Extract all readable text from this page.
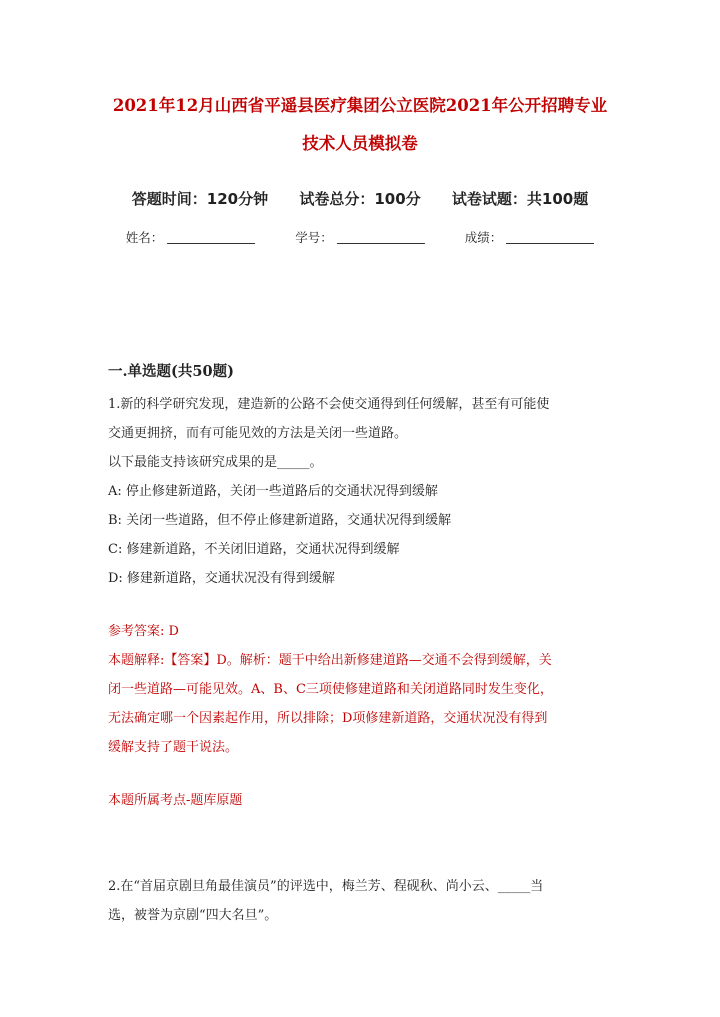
2021年12月山西省平遥县医疗集团公立医院2021年公开招聘专业
技术人员模拟卷
答题时间：120分钟 试卷总分：100分 试卷试题：共100题
姓名：	学号：	成绩：
一.单选题(共50题)
1.新的科学研究发现，建造新的公路不会使交通得到任何缓解，甚至有可能使
交通更拥挤，而有可能见效的方法是关闭一些道路。
以下最能支持该研究成果的是_____。
A: 停止修建新道路，关闭一些道路后的交通状况得到缓解
B: 关闭一些道路，但不停止修建新道路，交通状况得到缓解
C: 修建新道路，不关闭旧道路，交通状况得到缓解
D: 修建新道路，交通状况没有得到缓解
参考答案: D
本题解释:【答案】D。解析：题干中给出新修建道路—交通不会得到缓解，关
闭一些道路—可能见效。A、B、C三项使修建道路和关闭道路同时发生变化，
无法确定哪一个因素起作用，所以排除；D项修建新道路，交通状况没有得到
缓解支持了题干说法。
本题所属考点-题库原题
2.在“首届京剧旦角最佳演员”的评选中，梅兰芳、程砚秋、尚小云、_____当
选，被誉为京剧“四大名旦”。
